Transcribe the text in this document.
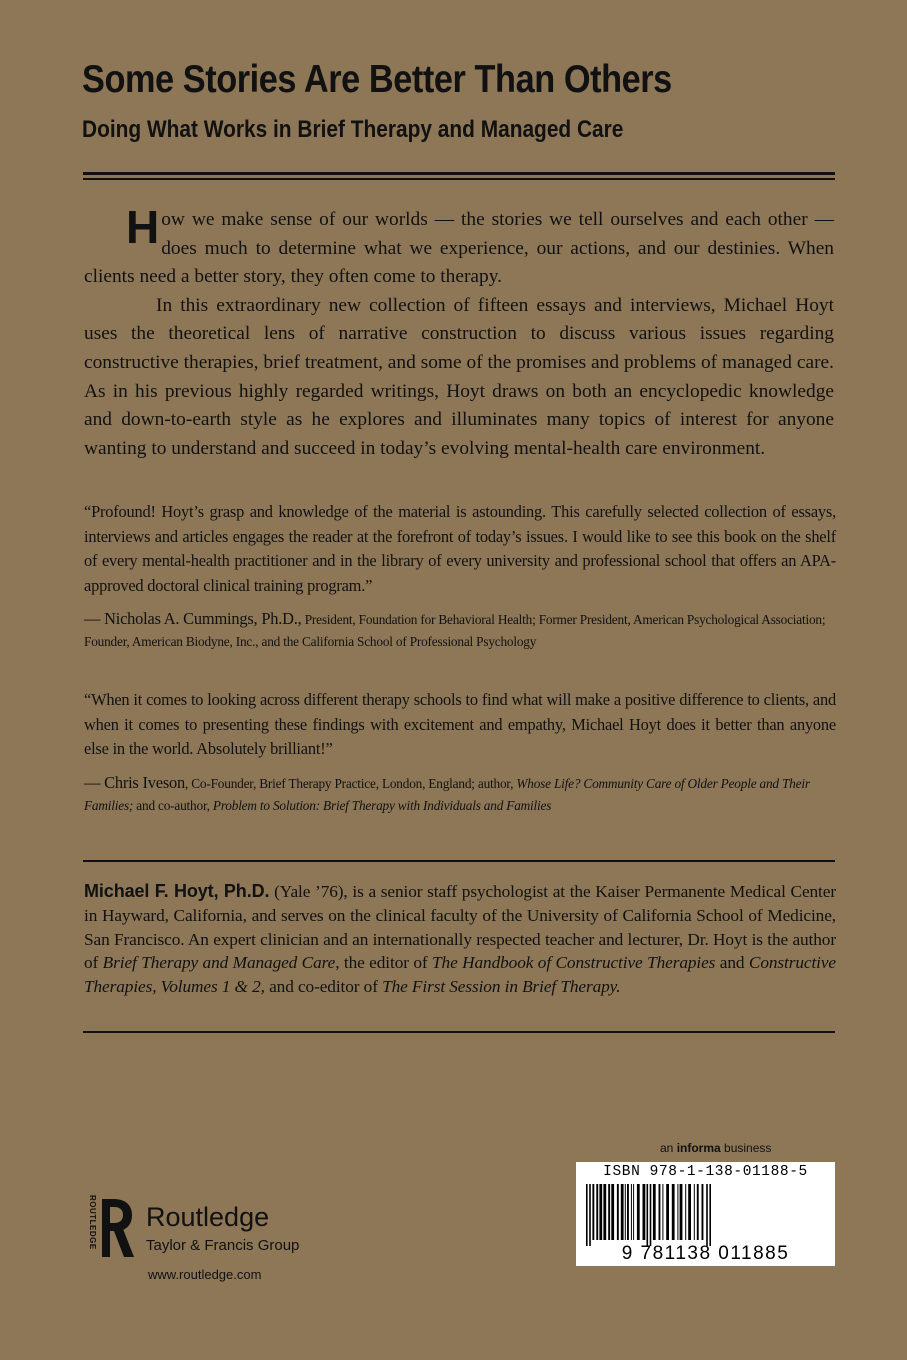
Some Stories Are Better Than Others
Doing What Works in Brief Therapy and Managed Care

How we make sense of our worlds — the stories we tell ourselves and each other — does much to determine what we experience, our actions, and our destinies. When clients need a better story, they often come to therapy.

In this extraordinary new collection of fifteen essays and interviews, Michael Hoyt uses the theoretical lens of narrative construction to discuss various issues regarding constructive therapies, brief treatment, and some of the promises and problems of managed care. As in his previous highly regarded writings, Hoyt draws on both an encyclopedic knowledge and down-to-earth style as he explores and illuminates many topics of interest for anyone wanting to understand and succeed in today’s evolving mental-health care environment.

“Profound! Hoyt’s grasp and knowledge of the material is astounding. This carefully selected collection of essays, interviews and articles engages the reader at the forefront of today’s issues. I would like to see this book on the shelf of every mental-health practitioner and in the library of every university and professional school that offers an APA-approved doctoral clinical training program.”

— Nicholas A. Cummings, Ph.D., President, Foundation for Behavioral Health; Former President, American Psychological Association; Founder, American Biodyne, Inc., and the California School of Professional Psychology

“When it comes to looking across different therapy schools to find what will make a positive difference to clients, and when it comes to presenting these findings with excitement and empathy, Michael Hoyt does it better than anyone else in the world. Absolutely brilliant!”

— Chris Iveson, Co-Founder, Brief Therapy Practice, London, England; author, Whose Life? Community Care of Older People and Their Families; and co-author, Problem to Solution: Brief Therapy with Individuals and Families
Michael F. Hoyt, Ph.D. (Yale ’76), is a senior staff psychologist at the Kaiser Permanente Medical Center in Hayward, California, and serves on the clinical faculty of the University of California School of Medicine, San Francisco. An expert clinician and an internationally respected teacher and lecturer, Dr. Hoyt is the author of Brief Therapy and Managed Care, the editor of The Handbook of Constructive Therapies and Constructive Therapies, Volumes 1 & 2, and co-editor of The First Session in Brief Therapy.
an informa business
ISBN 978-1-138-01188-5
9 781138 011885
ROUTLEDGE Routledge
Taylor & Francis Group
www.routledge.com
